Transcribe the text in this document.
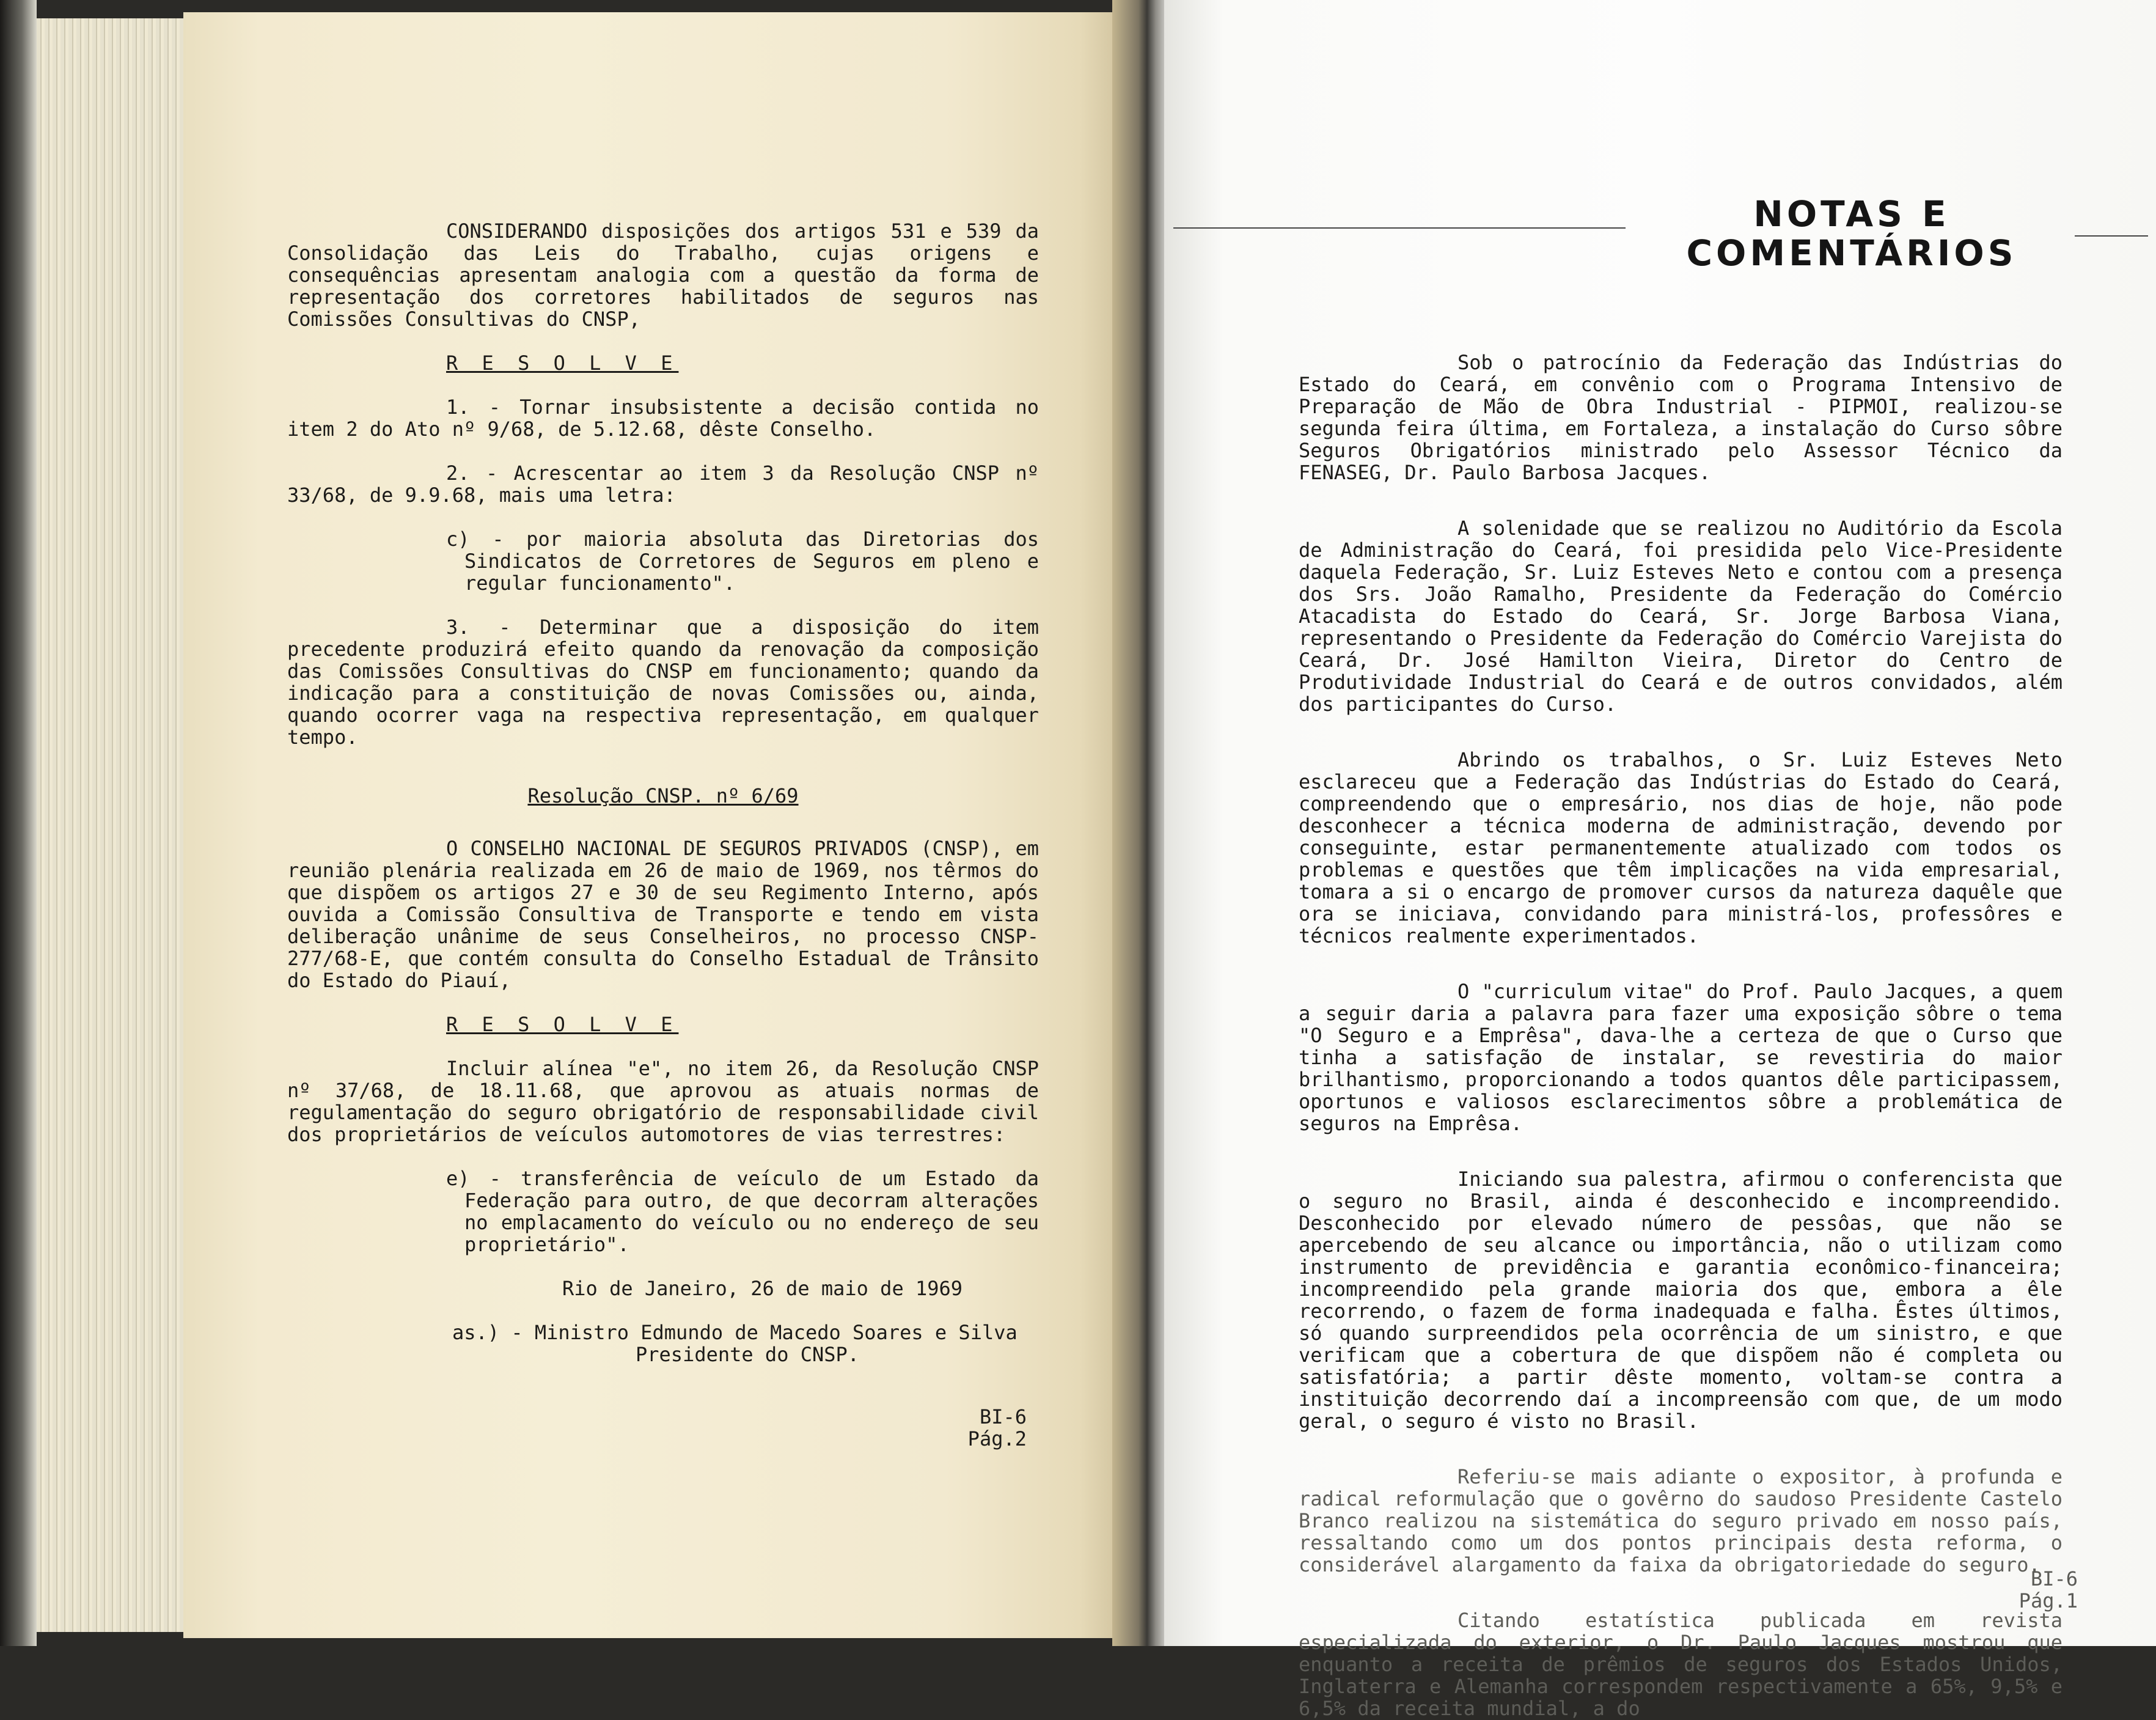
CONSIDERANDO disposições dos artigos 531 e 539 da Consolidação das Leis do Trabalho, cujas origens e consequências apresentam analogia com a questão da forma de representação dos corretores habilitados de seguros nas Comissões Consultivas do CNSP,

R E S O L V E

1. - Tornar insubsistente a decisão contida no item 2 do Ato nº 9/68, de 5.12.68, dêste Conselho.

2. - Acrescentar ao item 3 da Resolução CNSP nº 33/68, de 9.9.68, mais uma letra:

c) - por maioria absoluta das Diretorias dos Sindicatos de Corretores de Seguros em pleno e regular funcionamento".

3. - Determinar que a disposição do item precedente produzirá efeito quando da renovação da composição das Comissões Consultivas do CNSP em funcionamento; quando da indicação para a constituição de novas Comissões ou, ainda, quando ocorrer vaga na respectiva representação, em qualquer tempo.

Resolução CNSP. nº 6/69

O CONSELHO NACIONAL DE SEGUROS PRIVADOS (CNSP), em reunião plenária realizada em 26 de maio de 1969, nos têrmos do que dispõem os artigos 27 e 30 de seu Regimento Interno, após ouvida a Comissão Consultiva de Transporte e tendo em vista deliberação unânime de seus Conselheiros, no processo CNSP-277/68-E, que contém consulta do Conselho Estadual de Trânsito do Estado do Piauí,

R E S O L V E

Incluir alínea "e", no item 26, da Resolução CNSP nº 37/68, de 18.11.68, que aprovou as atuais normas de regulamentação do seguro obrigatório de responsabilidade civil dos proprietários de veículos automotores de vias terrestres:

e) - transferência de veículo de um Estado da Federação para outro, de que decorram alterações no emplacamento do veículo ou no endereço de seu proprietário".

Rio de Janeiro, 26 de maio de 1969

as.) - Ministro Edmundo de Macedo Soares e Silva

Presidente do CNSP.

BI-6
Pág.2
NOTAS E
COMENTÁRIOS

Sob o patrocínio da Federação das Indústrias do Estado do Ceará, em convênio com o Programa Intensivo de Preparação de Mão de Obra Industrial - PIPMOI, realizou-se segunda feira última, em Fortaleza, a instalação do Curso sôbre Seguros Obrigatórios ministrado pelo Assessor Técnico da FENASEG, Dr. Paulo Barbosa Jacques.

A solenidade que se realizou no Auditório da Escola de Administração do Ceará, foi presidida pelo Vice-Presidente daquela Federação, Sr. Luiz Esteves Neto e contou com a presença dos Srs. João Ramalho, Presidente da Federação do Comércio Atacadista do Estado do Ceará, Sr. Jorge Barbosa Viana, representando o Presidente da Federação do Comércio Varejista do Ceará, Dr. José Hamilton Vieira, Diretor do Centro de Produtividade Industrial do Ceará e de outros convidados, além dos participantes do Curso.

Abrindo os trabalhos, o Sr. Luiz Esteves Neto esclareceu que a Federação das Indústrias do Estado do Ceará, compreendendo que o empresário, nos dias de hoje, não pode desconhecer a técnica moderna de administração, devendo por conseguinte, estar permanentemente atualizado com todos os problemas e questões que têm implicações na vida empresarial, tomara a si o encargo de promover cursos da natureza daquêle que ora se iniciava, convidando para ministrá-los, professôres e técnicos realmente experimentados.

O "curriculum vitae" do Prof. Paulo Jacques, a quem a seguir daria a palavra para fazer uma exposição sôbre o tema "O Seguro e a Emprêsa", dava-lhe a certeza de que o Curso que tinha a satisfação de instalar, se revestiria do maior brilhantismo, proporcionando a todos quantos dêle participassem, oportunos e valiosos esclarecimentos sôbre a problemática de seguros na Emprêsa.

Iniciando sua palestra, afirmou o conferencista que o seguro no Brasil, ainda é desconhecido e incompreendido. Desconhecido por elevado número de pessôas, que não se apercebendo de seu alcance ou importância, não o utilizam como instrumento de previdência e garantia econômico-financeira; incompreendido pela grande maioria dos que, embora a êle recorrendo, o fazem de forma inadequada e falha. Êstes últimos, só quando surpreendidos pela ocorrência de um sinistro, e que verificam que a cobertura de que dispõem não é completa ou satisfatória; a partir dêste momento, voltam-se contra a instituição decorrendo daí a incompreensão com que, de um modo geral, o seguro é visto no Brasil.

Referiu-se mais adiante o expositor, à profunda e radical reformulação que o govêrno do saudoso Presidente Castelo Branco realizou na sistemática do seguro privado em nosso país, ressaltando como um dos pontos principais desta reforma, o considerável alargamento da faixa da obrigatoriedade do seguro.

Citando estatística publicada em revista especializada do exterior, o Dr. Paulo Jacques mostrou que enquanto a receita de prêmios de seguros dos Estados Unidos, Inglaterra e Alemanha correspondem respectivamente a 65%, 9,5% e 6,5% da receita mundial, a do

BI-6
Pág.1
